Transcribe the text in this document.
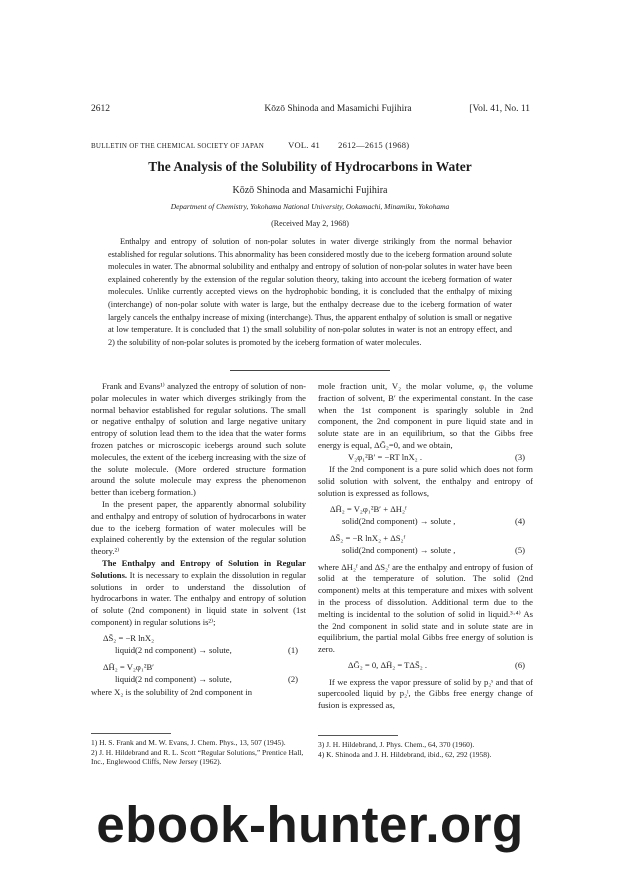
2612	Kōzō Shinoda and Masamichi Fujihira	[Vol. 41, No. 11
BULLETIN OF THE CHEMICAL SOCIETY OF JAPAN	VOL. 41 2612—2615 (1968)
The Analysis of the Solubility of Hydrocarbons in Water
Kōzō Shinoda and Masamichi Fujihira
Department of Chemistry, Yokohama National University, Ookamachi, Minamiku, Yokohama
(Received May 2, 1968)

Enthalpy and entropy of solution of non-polar solutes in water diverge strikingly from the normal behavior established for regular solutions. This abnormality has been considered mostly due to the iceberg formation around solute molecules in water. The abnormal solubility and enthalpy and entropy of solution of non-polar solutes in water have been explained coherently by the extension of the regular solution theory, taking into account the iceberg formation of water molecules. Unlike currently accepted views on the hydrophobic bonding, it is concluded that the enthalpy of mixing (interchange) of non-polar solute with water is large, but the enthalpy decrease due to the iceberg formation of water largely cancels the enthalpy increase of mixing (interchange). Thus, the apparent enthalpy of solution is small or negative at low temperature. It is concluded that 1) the small solubility of non-polar solutes in water is not an entropy effect, and 2) the solubility of non-polar solutes is promoted by the iceberg formation of water molecules.

Frank and Evans¹⁾ analyzed the entropy of solution of non-polar molecules in water which diverges strikingly from the normal behavior established for regular solutions. The small or negative enthalpy of solution and large negative unitary entropy of solution lead them to the idea that the water forms frozen patches or microscopic icebergs around such solute molecules, the extent of the iceberg increasing with the size of the solute molecule. (More ordered structure formation around the solute molecule may express the phenomenon better than iceberg formation.)

In the present paper, the apparently abnormal solubility and enthalpy and entropy of solution of hydrocarbons in water due to the iceberg formation of water molecules will be explained coherently by the extension of the regular solution theory.²⁾

The Enthalpy and Entropy of Solution in Regular Solutions. It is necessary to explain the dissolution in regular solutions in order to understand the dissolution of hydrocarbons in water. The enthalpy and entropy of solution of solute (2nd component) in liquid state in solvent (1st component) in regular solutions is²⁾;

ΔS̄₂ = −R lnX₂
liquid(2 nd component) → solute,	(1)
ΔH̄₂ = V₂φ₁²B′
liquid(2 nd component) → solute,	(2)

where X₂ is the solubility of 2nd component in

mole fraction unit, V₂ the molar volume, φ₁ the volume fraction of solvent, B′ the experimental constant. In the case when the 1st component is sparingly soluble in 2nd component, the 2nd component in pure liquid state and in solute state are in an equilibrium, so that the Gibbs free energy is equal, ΔḠ₂=0, and we obtain,

V₂φ₁²B′ = −RT lnX₂ .	(3)

If the 2nd component is a pure solid which does not form solid solution with solvent, the enthalpy and entropy of solution is expressed as follows,

ΔH̄₂ = V₂φ₁²B′ + ΔH₂ᶠ
solid(2nd component) → solute ,	(4)
ΔS̄₂ = −R lnX₂ + ΔS₂ᶠ
solid(2nd component) → solute ,	(5)

where ΔH₂ᶠ and ΔS₂ᶠ are the enthalpy and entropy of fusion of solid at the temperature of solution. The solid (2nd component) melts at this temperature and mixes with solvent in the process of dissolution. Additional term due to the melting is incidental to the solution of solid in liquid.³·⁴⁾ As the 2nd component in solid state and in solute state are in equilibrium, the partial molal Gibbs free energy of solution is zero.

ΔḠ₂ = 0, ΔH̄₂ = TΔS̄₂ .	(6)

If we express the vapor pressure of solid by p₂ˢ and that of supercooled liquid by p₂ˡ, the Gibbs free energy change of fusion is expressed as,

1) H. S. Frank and M. W. Evans, J. Chem. Phys., 13, 507 (1945).

2) J. H. Hildebrand and R. L. Scott “Regular Solutions,” Prentice Hall, Inc., Englewood Cliffs, New Jersey (1962).

3) J. H. Hildebrand, J. Phys. Chem., 64, 370 (1960).

4) K. Shinoda and J. H. Hildebrand, ibid., 62, 292 (1958).

ebook-hunter.org
